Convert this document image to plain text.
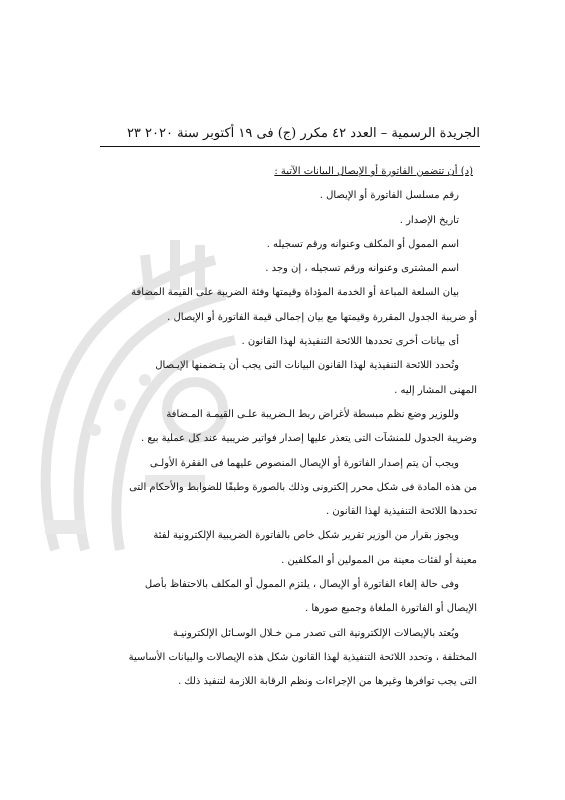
الجريدة الرسمية – العدد ٤٢ مكرر (ج) فى ١٩ أكتوبر سنة ٢٠٢٠ ٢٣
(د) أن تتضمن الفاتورة أو الإيصال البيانات الآتية :
رقم مسلسل الفاتورة أو الإيصال .
تاريخ الإصدار .
اسم الممول أو المكلف وعنوانه ورقم تسجيله .
اسم المشترى وعنوانه ورقم تسجيله ، إن وجد .
بيان السلعة المباعة أو الخدمة المؤداة وقيمتها وفئة الضريبة على القيمة المضافة
أو ضريبة الجدول المقررة وقيمتها مع بيان إجمالى قيمة الفاتورة أو الإيصال .
أى بيانات أخرى تحددها اللائحة التنفيذية لهذا القانون .
وتُحدد اللائحة التنفيذية لهذا القانون البيانات التى يجب أن يتـضمنها الإيـصال
المهنى المشار إليه .
وللوزير وضع نظم مبسطة لأغراض ربط الـضريبة علـى القيمـة المـضافة
وضريبة الجدول للمنشآت التى يتعذر عليها إصدار فواتير ضريبية عند كل عملية بيع .
ويجب أن يتم إصدار الفاتورة أو الإيصال المنصوص عليهما فى الفقرة الأولـى
من هذه المادة فى شكل محرر إلكترونى وذلك بالصورة وطبقًا للضوابط والأحكام التى
تحددها اللائحة التنفيذية لهذا القانون .
ويجوز بقرار من الوزير تقرير شكل خاص بالفاتورة الضريبية الإلكترونية لفئة
معينة أو لفئات معينة من الممولين أو المكلفين .
وفى حالة إلغاء الفاتورة أو الإيصال ، يلتزم الممول أو المكلف بالاحتفاظ بأصل
الإيصال أو الفاتورة الملغاة وجميع صورها .
ويُعتد بالإيصالات الإلكترونية التى تصدر مـن خـلال الوسـائل الإلكترونيـة
المختلفة ، وتحدد اللائحة التنفيذية لهذا القانون شكل هذه الإيصالات والبيانات الأساسية
التى يجب توافرها وغيرها من الإجراءات ونظم الرقابة اللازمة لتنفيذ ذلك .
